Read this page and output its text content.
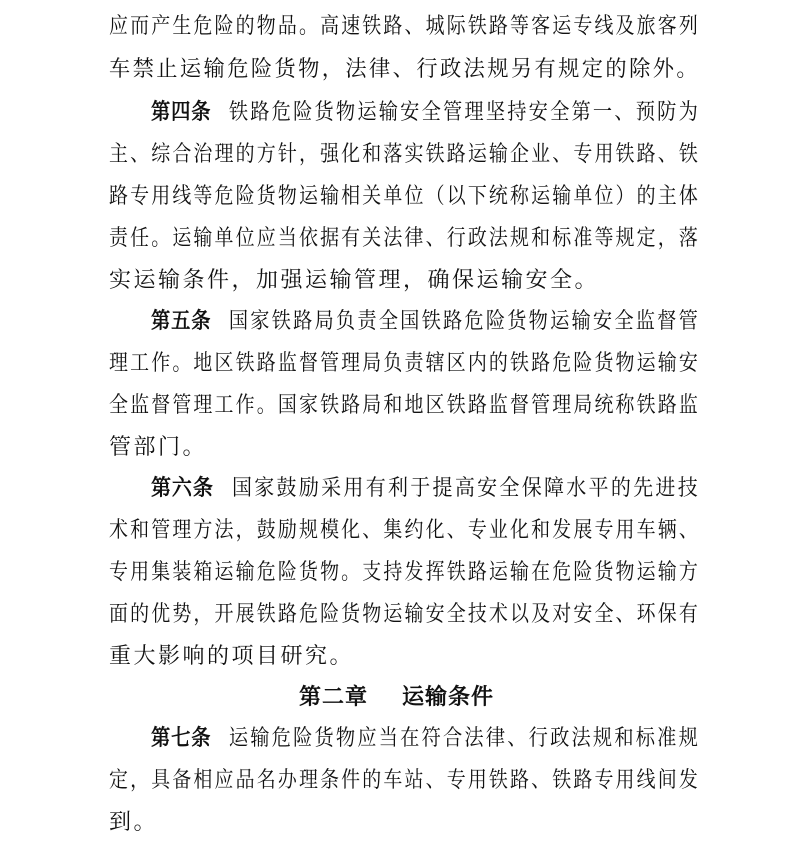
应而产生危险的物品。高速铁路、城际铁路等客运专线及旅客列
车禁止运输危险货物，法律、行政法规另有规定的除外。
第四条 铁路危险货物运输安全管理坚持安全第一、预防为
主、综合治理的方针，强化和落实铁路运输企业、专用铁路、铁
路专用线等危险货物运输相关单位（以下统称运输单位）的主体
责任。运输单位应当依据有关法律、行政法规和标准等规定，落
实运输条件，加强运输管理，确保运输安全。
第五条 国家铁路局负责全国铁路危险货物运输安全监督管
理工作。地区铁路监督管理局负责辖区内的铁路危险货物运输安
全监督管理工作。国家铁路局和地区铁路监督管理局统称铁路监
管部门。
第六条 国家鼓励采用有利于提高安全保障水平的先进技
术和管理方法，鼓励规模化、集约化、专业化和发展专用车辆、
专用集装箱运输危险货物。支持发挥铁路运输在危险货物运输方
面的优势，开展铁路危险货物运输安全技术以及对安全、环保有
重大影响的项目研究。
第二章 运输条件
第七条 运输危险货物应当在符合法律、行政法规和标准规
定，具备相应品名办理条件的车站、专用铁路、铁路专用线间发
到。
